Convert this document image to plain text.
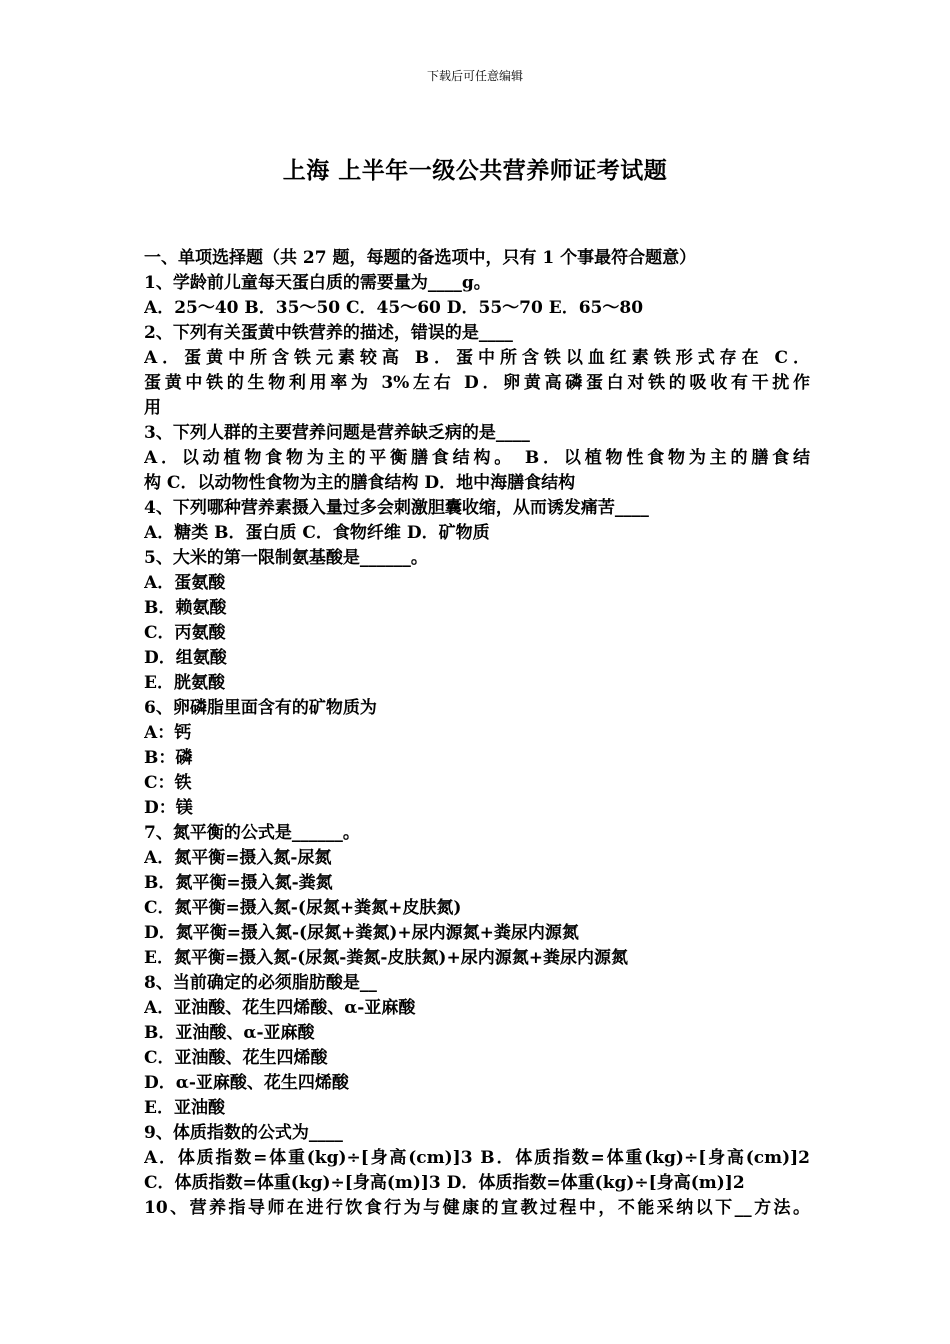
下载后可任意编辑
上海 上半年一级公共营养师证考试题
一、单项选择题（共 27 题，每题的备选项中，只有 1 个事最符合题意）
1、学龄前儿童每天蛋白质的需要量为____g。
A．25～40 B．35～50 C．45～60 D．55～70 E．65～80
2、下列有关蛋黄中铁营养的描述，错误的是____
A．蛋黄中所含铁元素较高 B．蛋中所含铁以血红素铁形式存在 C．
蛋黄中铁的生物利用率为 3%左右 D．卵黄高磷蛋白对铁的吸收有干扰作
用
3、下列人群的主要营养问题是营养缺乏病的是____
A．以动植物食物为主的平衡膳食结构。 B．以植物性食物为主的膳食结
构 C．以动物性食物为主的膳食结构 D．地中海膳食结构
4、下列哪种营养素摄入量过多会刺激胆囊收缩，从而诱发痛苦____
A．糖类 B．蛋白质 C．食物纤维 D．矿物质
5、大米的第一限制氨基酸是______。
A．蛋氨酸
B．赖氨酸
C．丙氨酸
D．组氨酸
E．胱氨酸
6、卵磷脂里面含有的矿物质为
A：钙
B：磷
C：铁
D：镁
7、氮平衡的公式是______。
A．氮平衡=摄入氮-尿氮
B．氮平衡=摄入氮-粪氮
C．氮平衡=摄入氮-(尿氮+粪氮+皮肤氮)
D．氮平衡=摄入氮-(尿氮+粪氮)+尿内源氮+粪尿内源氮
E．氮平衡=摄入氮-(尿氮-粪氮-皮肤氮)+尿内源氮+粪尿内源氮
8、当前确定的必须脂肪酸是__
A．亚油酸、花生四烯酸、α-亚麻酸
B．亚油酸、α-亚麻酸
C．亚油酸、花生四烯酸
D．α-亚麻酸、花生四烯酸
E．亚油酸
9、体质指数的公式为____
A．体质指数=体重(kg)÷[身高(cm)]3 B．体质指数=体重(kg)÷[身高(cm)]2
C．体质指数=体重(kg)÷[身高(m)]3 D．体质指数=体重(kg)÷[身高(m)]2
10、营养指导师在进行饮食行为与健康的宣教过程中，不能采纳以下__方法。
